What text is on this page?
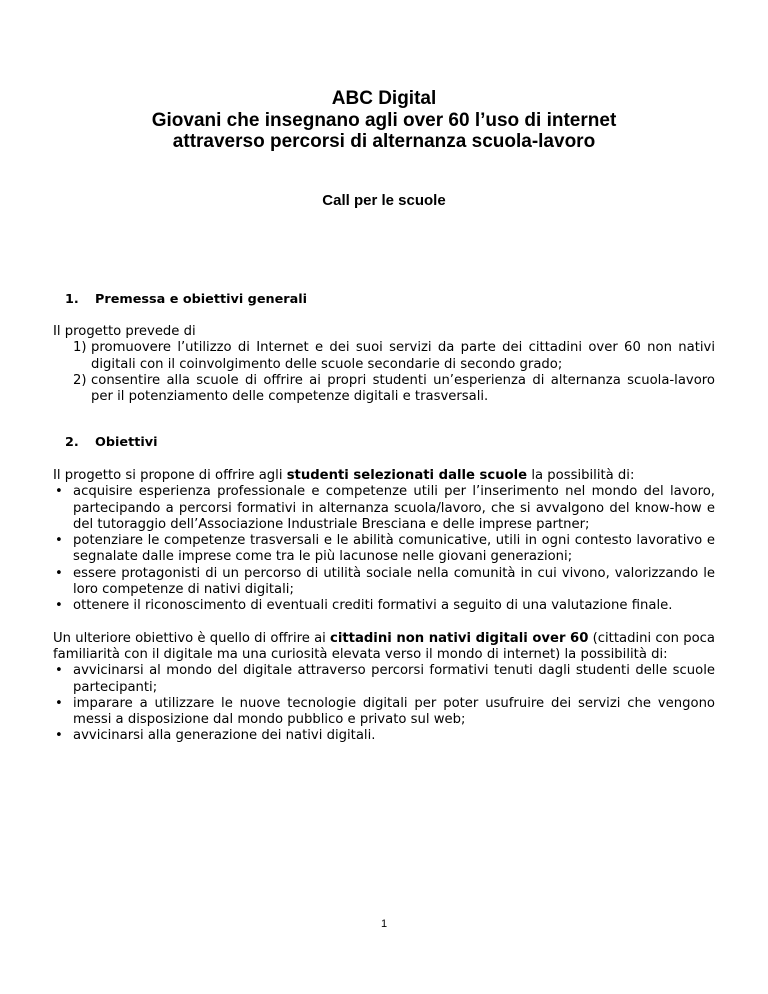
ABC Digital
Giovani che insegnano agli over 60 l’uso di internet
attraverso percorsi di alternanza scuola-lavoro
Call per le scuole
1. Premessa e obiettivi generali

Il progetto prevede di

1) promuovere l’utilizzo di Internet e dei suoi servizi da parte dei cittadini over 60 non nativi digitali con il coinvolgimento delle scuole secondarie di secondo grado;
2) consentire alla scuole di offrire ai propri studenti un’esperienza di alternanza scuola-lavoro per il potenziamento delle competenze digitali e trasversali.
2. Obiettivi

Il progetto si propone di offrire agli studenti selezionati dalle scuole la possibilità di:

• acquisire esperienza professionale e competenze utili per l’inserimento nel mondo del lavoro, partecipando a percorsi formativi in alternanza scuola/lavoro, che si avvalgono del know-how e del tutoraggio dell’Associazione Industriale Bresciana e delle imprese partner;
• potenziare le competenze trasversali e le abilità comunicative, utili in ogni contesto lavorativo e segnalate dalle imprese come tra le più lacunose nelle giovani generazioni;
• essere protagonisti di un percorso di utilità sociale nella comunità in cui vivono, valorizzando le loro competenze di nativi digitali;
• ottenere il riconoscimento di eventuali crediti formativi a seguito di una valutazione finale.

Un ulteriore obiettivo è quello di offrire ai cittadini non nativi digitali over 60 (cittadini con poca familiarità con il digitale ma una curiosità elevata verso il mondo di internet) la possibilità di:

• avvicinarsi al mondo del digitale attraverso percorsi formativi tenuti dagli studenti delle scuole partecipanti;
• imparare a utilizzare le nuove tecnologie digitali per poter usufruire dei servizi che vengono messi a disposizione dal mondo pubblico e privato sul web;
• avvicinarsi alla generazione dei nativi digitali.
1
